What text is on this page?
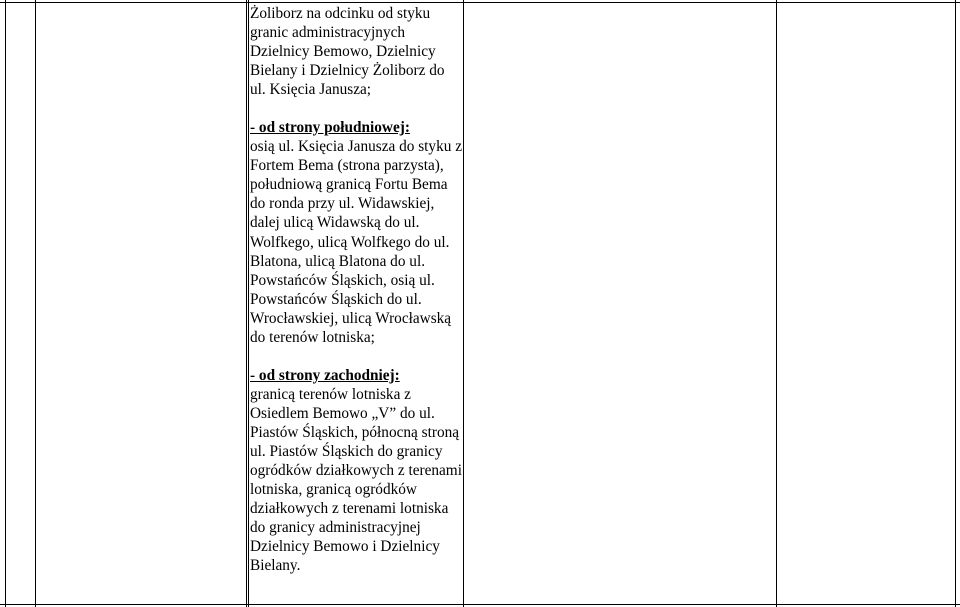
Żoliborz na odcinku od styku granic administracyjnych Dzielnicy Bemowo, Dzielnicy Bielany i Dzielnicy Żoliborz do ul. Księcia Janusza;

- od strony południowej:

osią ul. Księcia Janusza do styku z Fortem Bema (strona parzysta), południową granicą Fortu Bema do ronda przy ul. Widawskiej, dalej ulicą Widawską do ul. Wolfkego, ulicą Wolfkego do ul. Blatona, ulicą Blatona do ul. Powstańców Śląskich, osią ul. Powstańców Śląskich do ul. Wrocławskiej, ulicą Wrocławską do terenów lotniska;

- od strony zachodniej:

granicą terenów lotniska z Osiedlem Bemowo „V” do ul. Piastów Śląskich, północną stroną ul. Piastów Śląskich do granicy ogródków działkowych z terenami lotniska, granicą ogródków działkowych z terenami lotniska do granicy administracyjnej Dzielnicy Bemowo i Dzielnicy Bielany.
